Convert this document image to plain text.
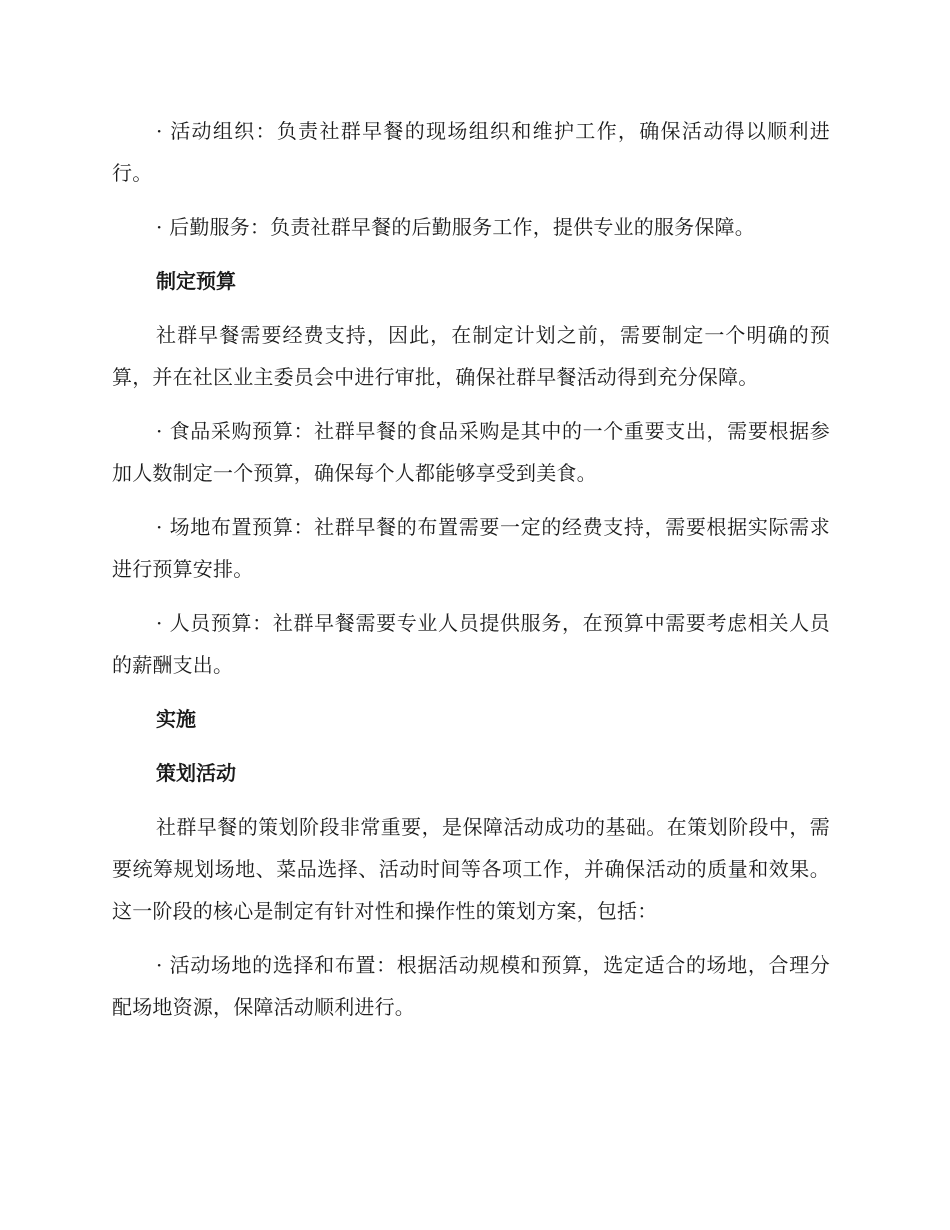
· 活动组织：负责社群早餐的现场组织和维护工作，确保活动得以顺利进行。

· 后勤服务：负责社群早餐的后勤服务工作，提供专业的服务保障。

制定预算

社群早餐需要经费支持，因此，在制定计划之前，需要制定一个明确的预算，并在社区业主委员会中进行审批，确保社群早餐活动得到充分保障。

· 食品采购预算：社群早餐的食品采购是其中的一个重要支出，需要根据参加人数制定一个预算，确保每个人都能够享受到美食。

· 场地布置预算：社群早餐的布置需要一定的经费支持，需要根据实际需求进行预算安排。

· 人员预算：社群早餐需要专业人员提供服务，在预算中需要考虑相关人员的薪酬支出。

实施
策划活动

社群早餐的策划阶段非常重要，是保障活动成功的基础。在策划阶段中，需要统筹规划场地、菜品选择、活动时间等各项工作，并确保活动的质量和效果。这一阶段的核心是制定有针对性和操作性的策划方案，包括：

· 活动场地的选择和布置：根据活动规模和预算，选定适合的场地，合理分配场地资源，保障活动顺利进行。
